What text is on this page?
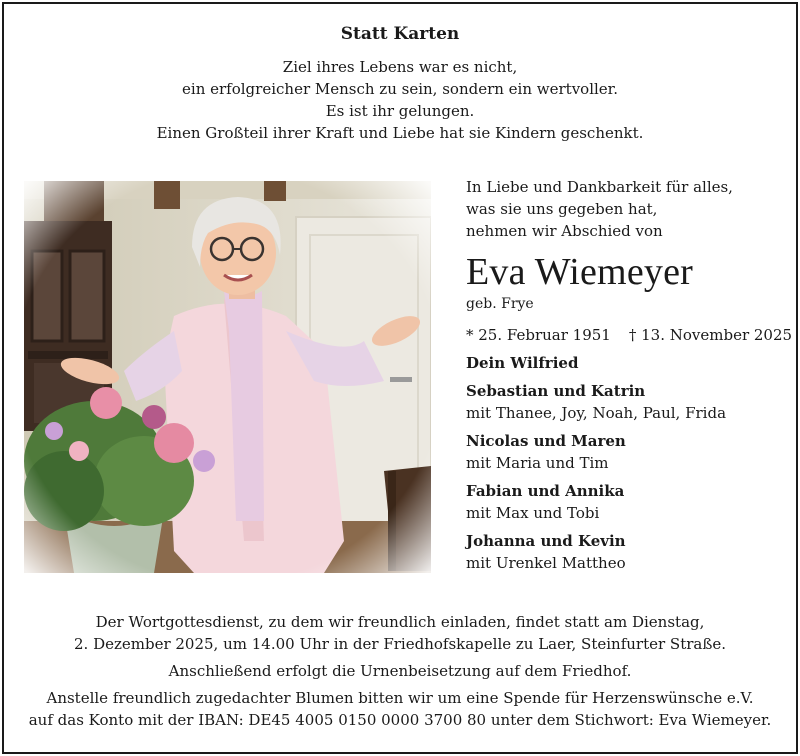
Statt Karten
Ziel ihres Lebens war es nicht,
ein erfolgreicher Mensch zu sein, sondern ein wertvoller.
Es ist ihr gelungen.
Einen Großteil ihrer Kraft und Liebe hat sie Kindern geschenkt.
In Liebe und Dankbarkeit für alles,
was sie uns gegeben hat,
nehmen wir Abschied von
Eva Wiemeyer
geb. Frye
* 25. Februar 1951 † 13. November 2025
Dein Wilfried
Sebastian und Katrin
mit Thanee, Joy, Noah, Paul, Frida
Nicolas und Maren
mit Maria und Tim
Fabian und Annika
mit Max und Tobi
Johanna und Kevin
mit Urenkel Mattheo
Der Wortgottesdienst, zu dem wir freundlich einladen, findet statt am Dienstag,
2. Dezember 2025, um 14.00 Uhr in der Friedhofskapelle zu Laer, Steinfurter Straße.
Anschließend erfolgt die Urnenbeisetzung auf dem Friedhof.
Anstelle freundlich zugedachter Blumen bitten wir um eine Spende für Herzenswünsche e.V.
auf das Konto mit der IBAN: DE45 4005 0150 0000 3700 80 unter dem Stichwort: Eva Wiemeyer.
